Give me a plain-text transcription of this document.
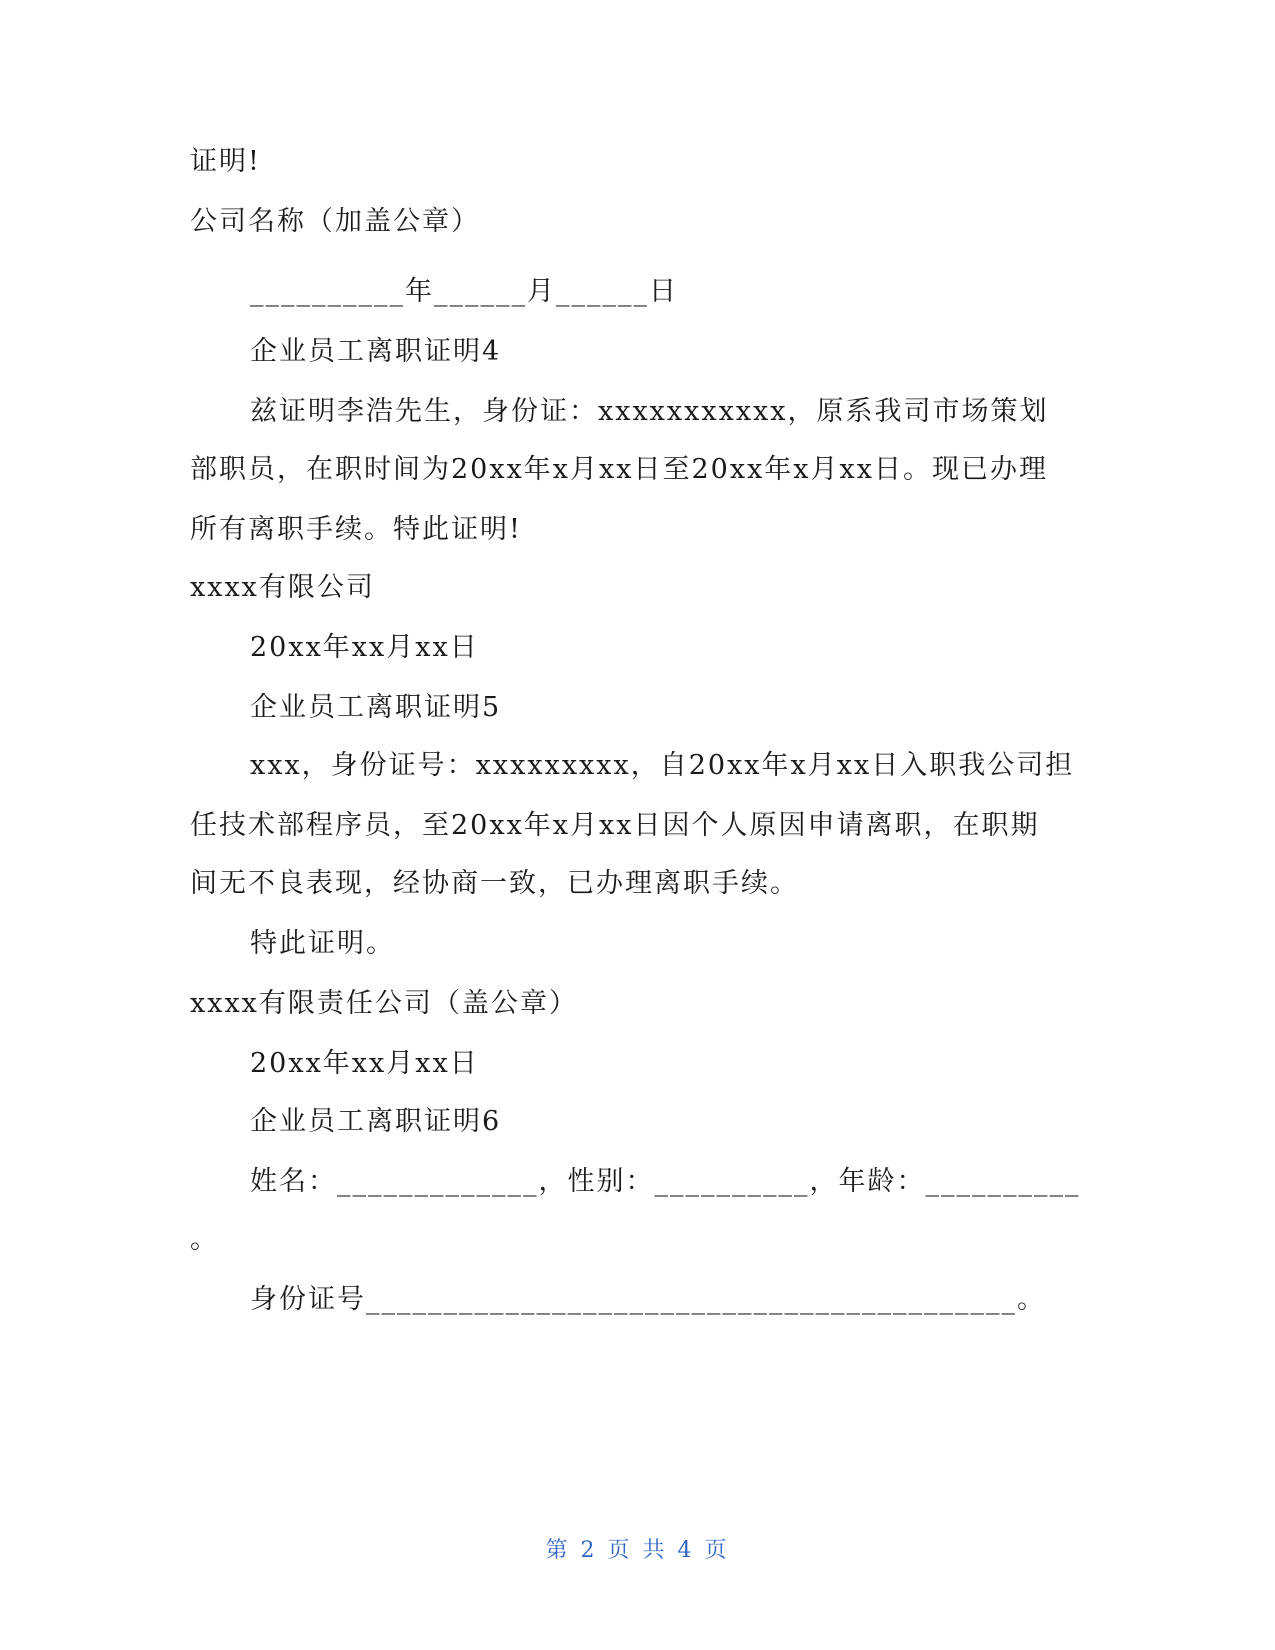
证明!
公司名称（加盖公章）
__________年______月______日
企业员工离职证明4
兹证明李浩先生，身份证：xxxxxxxxxxx，原系我司市场策划
部职员，在职时间为20xx年x月xx日至20xx年x月xx日。现已办理
所有离职手续。特此证明!
xxxx有限公司
20xx年xx月xx日
企业员工离职证明5
xxx，身份证号：xxxxxxxxx，自20xx年x月xx日入职我公司担
任技术部程序员，至20xx年x月xx日因个人原因申请离职，在职期
间无不良表现，经协商一致，已办理离职手续。
特此证明。
xxxx有限责任公司（盖公章）
20xx年xx月xx日
企业员工离职证明6
姓名：_____________，性别：__________，年龄：__________
。
身份证号__________________________________________。
第 2 页 共 4 页
